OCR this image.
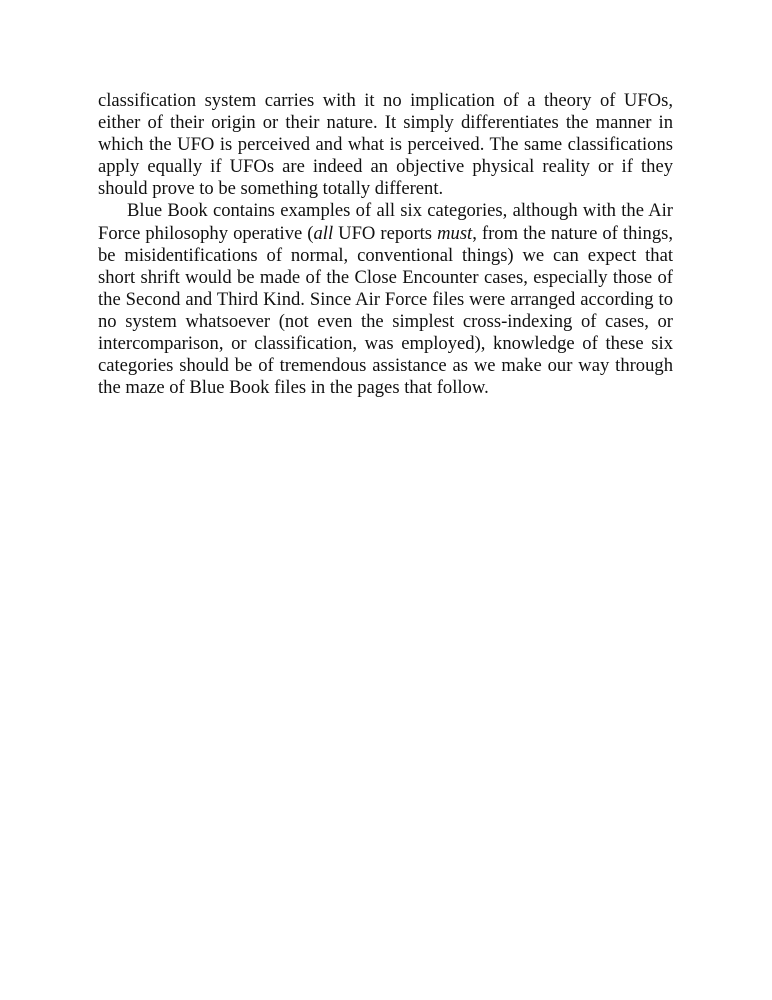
classification system carries with it no implication of a theory of UFOs, either of their origin or their nature. It simply differentiates the manner in which the UFO is perceived and what is perceived. The same classifications apply equally if UFOs are indeed an objective physical reality or if they should prove to be something totally different.

Blue Book contains examples of all six categories, although with the Air Force philosophy operative (all UFO reports must, from the nature of things, be misidentifications of normal, conventional things) we can expect that short shrift would be made of the Close Encounter cases, especially those of the Second and Third Kind. Since Air Force files were arranged according to no system whatsoever (not even the simplest cross-indexing of cases, or intercomparison, or classification, was employed), knowledge of these six categories should be of tremendous assistance as we make our way through the maze of Blue Book files in the pages that follow.
